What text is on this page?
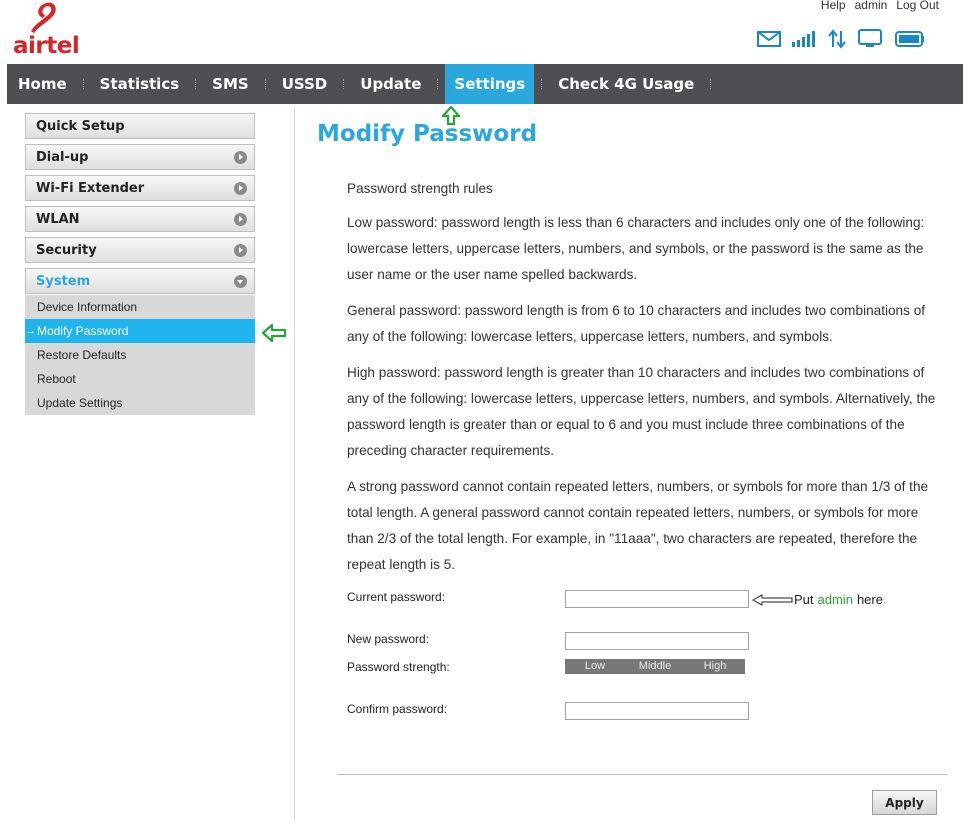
airtel
Help admin Log Out
Home	Statistics	SMS	USSD	Update	Settings	Check 4G Usage
Quick Setup
Dial-up
Wi-Fi Extender
WLAN
Security
System
Device Information
→ Modify Password
Restore Defaults
Reboot
Update Settings
Modify Password

Password strength rules

Low password: password length is less than 6 characters and includes only one of the following: lowercase letters, uppercase letters, numbers, and symbols, or the password is the same as the user name or the user name spelled backwards.

General password: password length is from 6 to 10 characters and includes two combinations of any of the following: lowercase letters, uppercase letters, numbers, and symbols.

High password: password length is greater than 10 characters and includes two combinations of any of the following: lowercase letters, uppercase letters, numbers, and symbols. Alternatively, the password length is greater than or equal to 6 and you must include three combinations of the preceding character requirements.

A strong password cannot contain repeated letters, numbers, or symbols for more than 1/3 of the total length. A general password cannot contain repeated letters, numbers, or symbols for more than 2/3 of the total length. For example, in "11aaa", two characters are repeated, therefore the repeat length is 5.

Current password:	Put admin here
New password:
Password strength:	Low	Middle	High
Confirm password:
Apply
